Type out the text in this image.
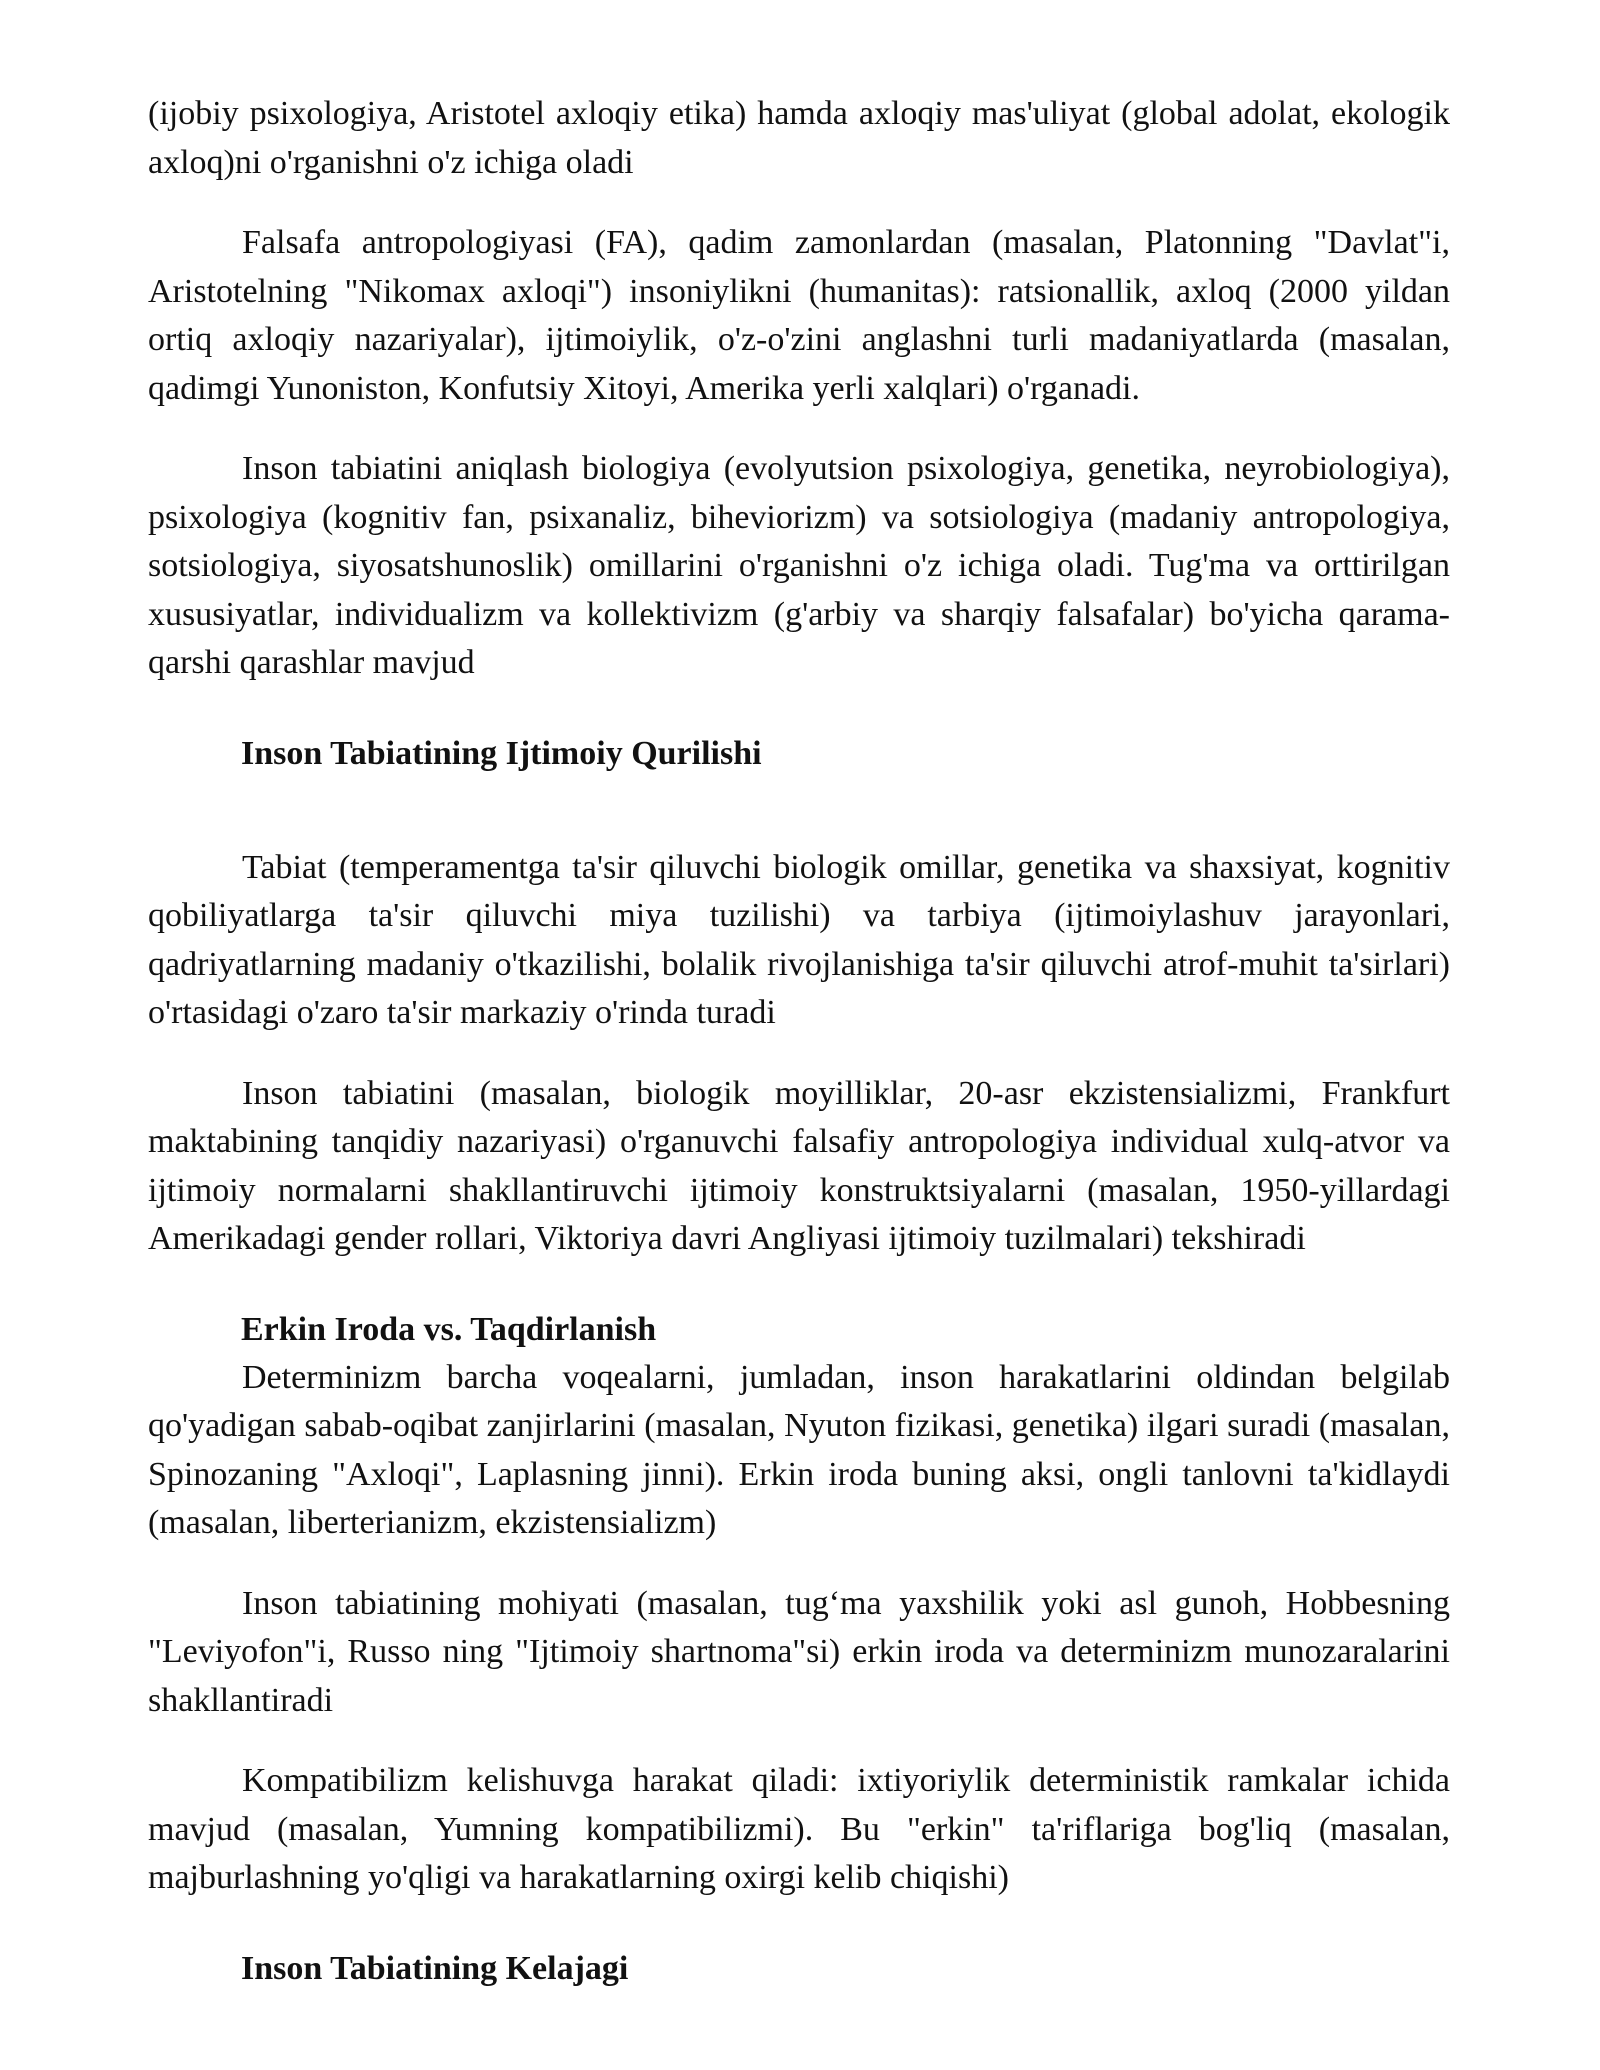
(ijobiy psixologiya, Aristotel axloqiy etika) hamda axloqiy mas'uliyat (global adolat, ekologik axloq)ni o'rganishni o'z ichiga oladi

Falsafa antropologiyasi (FA), qadim zamonlardan (masalan, Platonning "Davlat"i, Aristotelning "Nikomax axloqi") insoniylikni (humanitas): ratsionallik, axloq (2000 yildan ortiq axloqiy nazariyalar), ijtimoiylik, o'z-o'zini anglashni turli madaniyatlarda (masalan, qadimgi Yunoniston, Konfutsiy Xitoyi, Amerika yerli xalqlari) o'rganadi.

Inson tabiatini aniqlash biologiya (evolyutsion psixologiya, genetika, neyrobiologiya), psixologiya (kognitiv fan, psixanaliz, biheviorizm) va sotsiologiya (madaniy antropologiya, sotsiologiya, siyosatshunoslik) omillarini o'rganishni o'z ichiga oladi. Tug'ma va orttirilgan xususiyatlar, individualizm va kollektivizm (g'arbiy va sharqiy falsafalar) bo'yicha qarama-qarshi qarashlar mavjud

Inson Tabiatining Ijtimoiy Qurilishi

Tabiat (temperamentga ta'sir qiluvchi biologik omillar, genetika va shaxsiyat, kognitiv qobiliyatlarga ta'sir qiluvchi miya tuzilishi) va tarbiya (ijtimoiylashuv jarayonlari, qadriyatlarning madaniy o'tkazilishi, bolalik rivojlanishiga ta'sir qiluvchi atrof-muhit ta'sirlari) o'rtasidagi o'zaro ta'sir markaziy o'rinda turadi

Inson tabiatini (masalan, biologik moyilliklar, 20-asr ekzistensializmi, Frankfurt maktabining tanqidiy nazariyasi) o'rganuvchi falsafiy antropologiya individual xulq-atvor va ijtimoiy normalarni shakllantiruvchi ijtimoiy konstruktsiyalarni (masalan, 1950-yillardagi Amerikadagi gender rollari, Viktoriya davri Angliyasi ijtimoiy tuzilmalari) tekshiradi

Erkin Iroda vs. Taqdirlanish

Determinizm barcha voqealarni, jumladan, inson harakatlarini oldindan belgilab qo'yadigan sabab-oqibat zanjirlarini (masalan, Nyuton fizikasi, genetika) ilgari suradi (masalan, Spinozaning "Axloqi", Laplasning jinni). Erkin iroda buning aksi, ongli tanlovni ta'kidlaydi (masalan, liberterianizm, ekzistensializm)

Inson tabiatining mohiyati (masalan, tug‘ma yaxshilik yoki asl gunoh, Hobbesning "Leviyofon"i, Russo ning "Ijtimoiy shartnoma"si) erkin iroda va determinizm munozaralarini shakllantiradi

Kompatibilizm kelishuvga harakat qiladi: ixtiyoriylik deterministik ramkalar ichida mavjud (masalan, Yumning kompatibilizmi). Bu "erkin" ta'riflariga bog'liq (masalan, majburlashning yo'qligi va harakatlarning oxirgi kelib chiqishi)

Inson Tabiatining Kelajagi
